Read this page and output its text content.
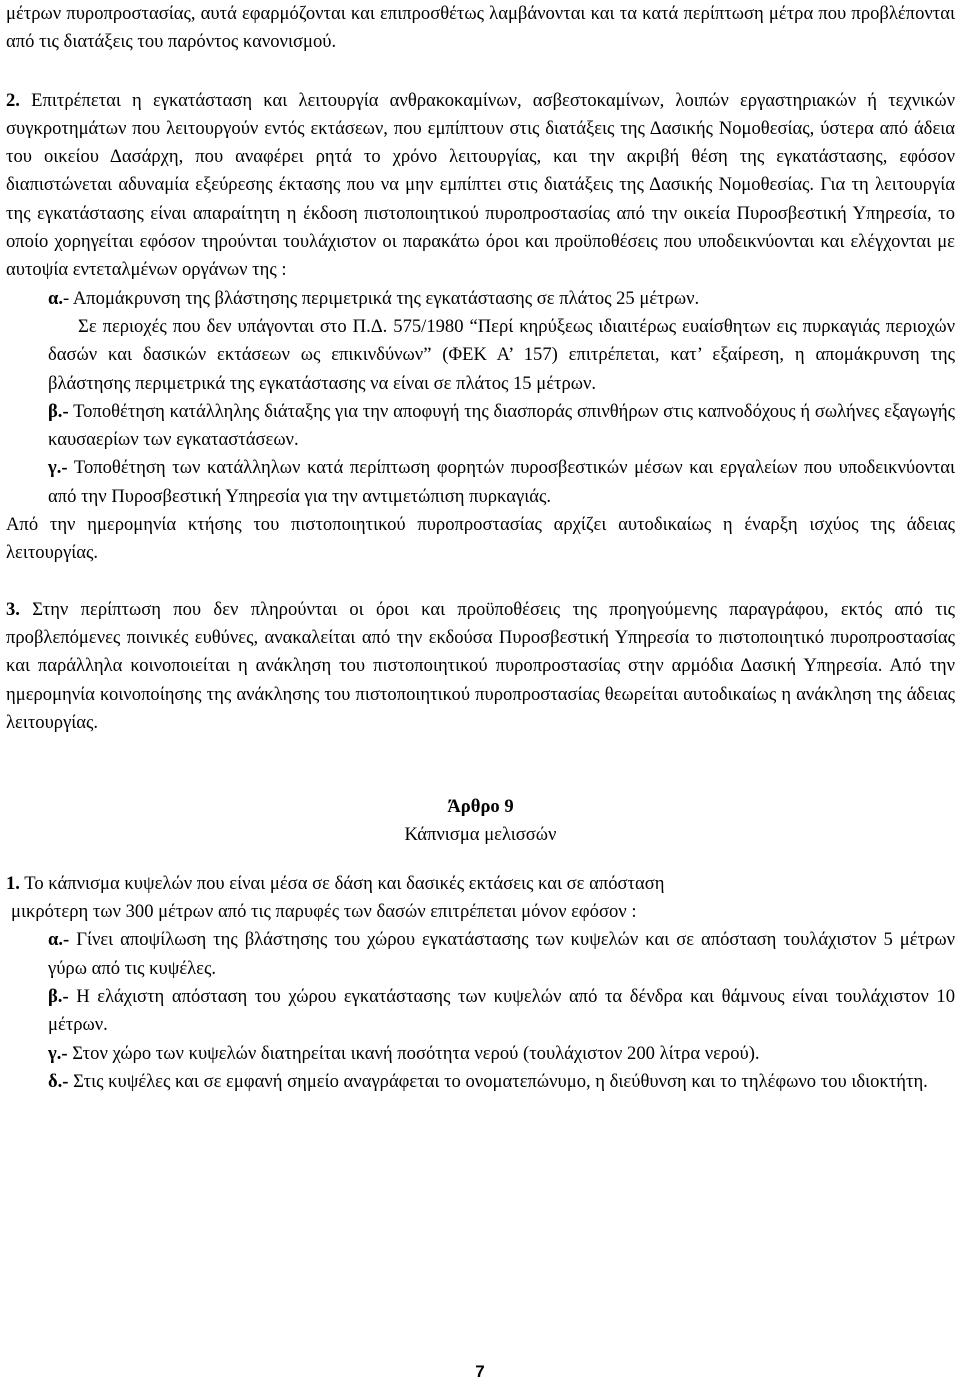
μέτρων πυροπροστασίας, αυτά εφαρμόζονται και επιπροσθέτως λαμβάνονται και τα κατά περίπτωση μέτρα που προβλέπονται από τις διατάξεις του παρόντος κανονισμού.

2. Επιτρέπεται η εγκατάσταση και λειτουργία ανθρακοκαμίνων, ασβεστοκαμίνων, λοιπών εργαστηριακών ή τεχνικών συγκροτημάτων που λειτουργούν εντός εκτάσεων, που εμπίπτουν στις διατάξεις της Δασικής Νομοθεσίας, ύστερα από άδεια του οικείου Δασάρχη, που αναφέρει ρητά το χρόνο λειτουργίας, και την ακριβή θέση της εγκατάστασης, εφόσον διαπιστώνεται αδυναμία εξεύρεσης έκτασης που να μην εμπίπτει στις διατάξεις της Δασικής Νομοθεσίας. Για τη λειτουργία της εγκατάστασης είναι απαραίτητη η έκδοση πιστοποιητικού πυροπροστασίας από την οικεία Πυροσβεστική Υπηρεσία, το οποίο χορηγείται εφόσον τηρούνται τουλάχιστον οι παρακάτω όροι και προϋποθέσεις που υποδεικνύονται και ελέγχονται με αυτοψία εντεταλμένων οργάνων της :

α.- Απομάκρυνση της βλάστησης περιμετρικά της εγκατάστασης σε πλάτος 25 μέτρων.

Σε περιοχές που δεν υπάγονται στο Π.Δ. 575/1980 “Περί κηρύξεως ιδιαιτέρως ευαίσθητων εις πυρκαγιάς περιοχών δασών και δασικών εκτάσεων ως επικινδύνων” (ΦΕΚ Α’ 157) επιτρέπεται, κατ’ εξαίρεση, η απομάκρυνση της βλάστησης περιμετρικά της εγκατάστασης να είναι σε πλάτος 15 μέτρων.

β.- Τοποθέτηση κατάλληλης διάταξης για την αποφυγή της διασποράς σπινθήρων στις καπνοδόχους ή σωλήνες εξαγωγής καυσαερίων των εγκαταστάσεων.

γ.- Τοποθέτηση των κατάλληλων κατά περίπτωση φορητών πυροσβεστικών μέσων και εργαλείων που υποδεικνύονται από την Πυροσβεστική Υπηρεσία για την αντιμετώπιση πυρκαγιάς.

Από την ημερομηνία κτήσης του πιστοποιητικού πυροπροστασίας αρχίζει αυτοδικαίως η έναρξη ισχύος της άδειας λειτουργίας.

3. Στην περίπτωση που δεν πληρούνται οι όροι και προϋποθέσεις της προηγούμενης παραγράφου, εκτός από τις προβλεπόμενες ποινικές ευθύνες, ανακαλείται από την εκδούσα Πυροσβεστική Υπηρεσία το πιστοποιητικό πυροπροστασίας και παράλληλα κοινοποιείται η ανάκληση του πιστοποιητικού πυροπροστασίας στην αρμόδια Δασική Υπηρεσία. Από την ημερομηνία κοινοποίησης της ανάκλησης του πιστοποιητικού πυροπροστασίας θεωρείται αυτοδικαίως η ανάκληση της άδειας λειτουργίας.

Άρθρο 9

Κάπνισμα μελισσών

1. Το κάπνισμα κυψελών που είναι μέσα σε δάση και δασικές εκτάσεις και σε απόσταση

μικρότερη των 300 μέτρων από τις παρυφές των δασών επιτρέπεται μόνον εφόσον :

α.- Γίνει αποψίλωση της βλάστησης του χώρου εγκατάστασης των κυψελών και σε απόσταση τουλάχιστον 5 μέτρων γύρω από τις κυψέλες.

β.- Η ελάχιστη απόσταση του χώρου εγκατάστασης των κυψελών από τα δένδρα και θάμνους είναι τουλάχιστον 10 μέτρων.

γ.- Στον χώρο των κυψελών διατηρείται ικανή ποσότητα νερού (τουλάχιστον 200 λίτρα νερού).

δ.- Στις κυψέλες και σε εμφανή σημείο αναγράφεται το ονοματεπώνυμο, η διεύθυνση και το τηλέφωνο του ιδιοκτήτη.

7
